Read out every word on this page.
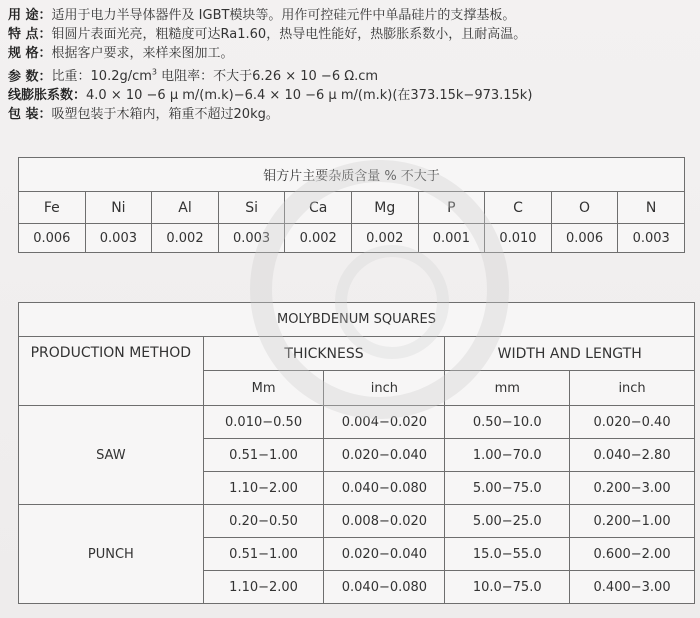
用 途：适用于电力半导体器件及 IGBT模块等。用作可控硅元件中单晶硅片的支撑基板。
特 点：钼圆片表面光亮，粗糙度可达Ra1.60，热导电性能好，热膨胀系数小，且耐高温。
规 格：根据客户要求，来样来图加工。
参 数：比重：$10.2g/cm^3$ 电阻率：不大于6.26 × 10 −6 Ω.cm
线膨胀系数：4.0 × 10 −6 μ m/(m.k)−6.4 × 10 −6 μ m/(m.k)(在373.15k−973.15k)
包 装：吸塑包装于木箱内，箱重不超过20kg。
钼方片主要杂质含量 % 不大于									
Fe	Ni	Al	Si	Ca	Mg	P	C	O	N
0.006	0.003	0.002	0.003	0.002	0.002	0.001	0.010	0.006	0.003
MOLYBDENUM SQUARES				
PRODUCTION METHOD	THICKNESS		WIDTH AND LENGTH	
	Mm	inch	mm	inch
SAW	0.010−0.50	0.004−0.020	0.50−10.0	0.020−0.40
	0.51−1.00	0.020−0.040	1.00−70.0	0.040−2.80
	1.10−2.00	0.040−0.080	5.00−75.0	0.200−3.00
PUNCH	0.20−0.50	0.008−0.020	5.00−25.0	0.200−1.00
	0.51−1.00	0.020−0.040	15.0−55.0	0.600−2.00
	1.10−2.00	0.040−0.080	10.0−75.0	0.400−3.00
